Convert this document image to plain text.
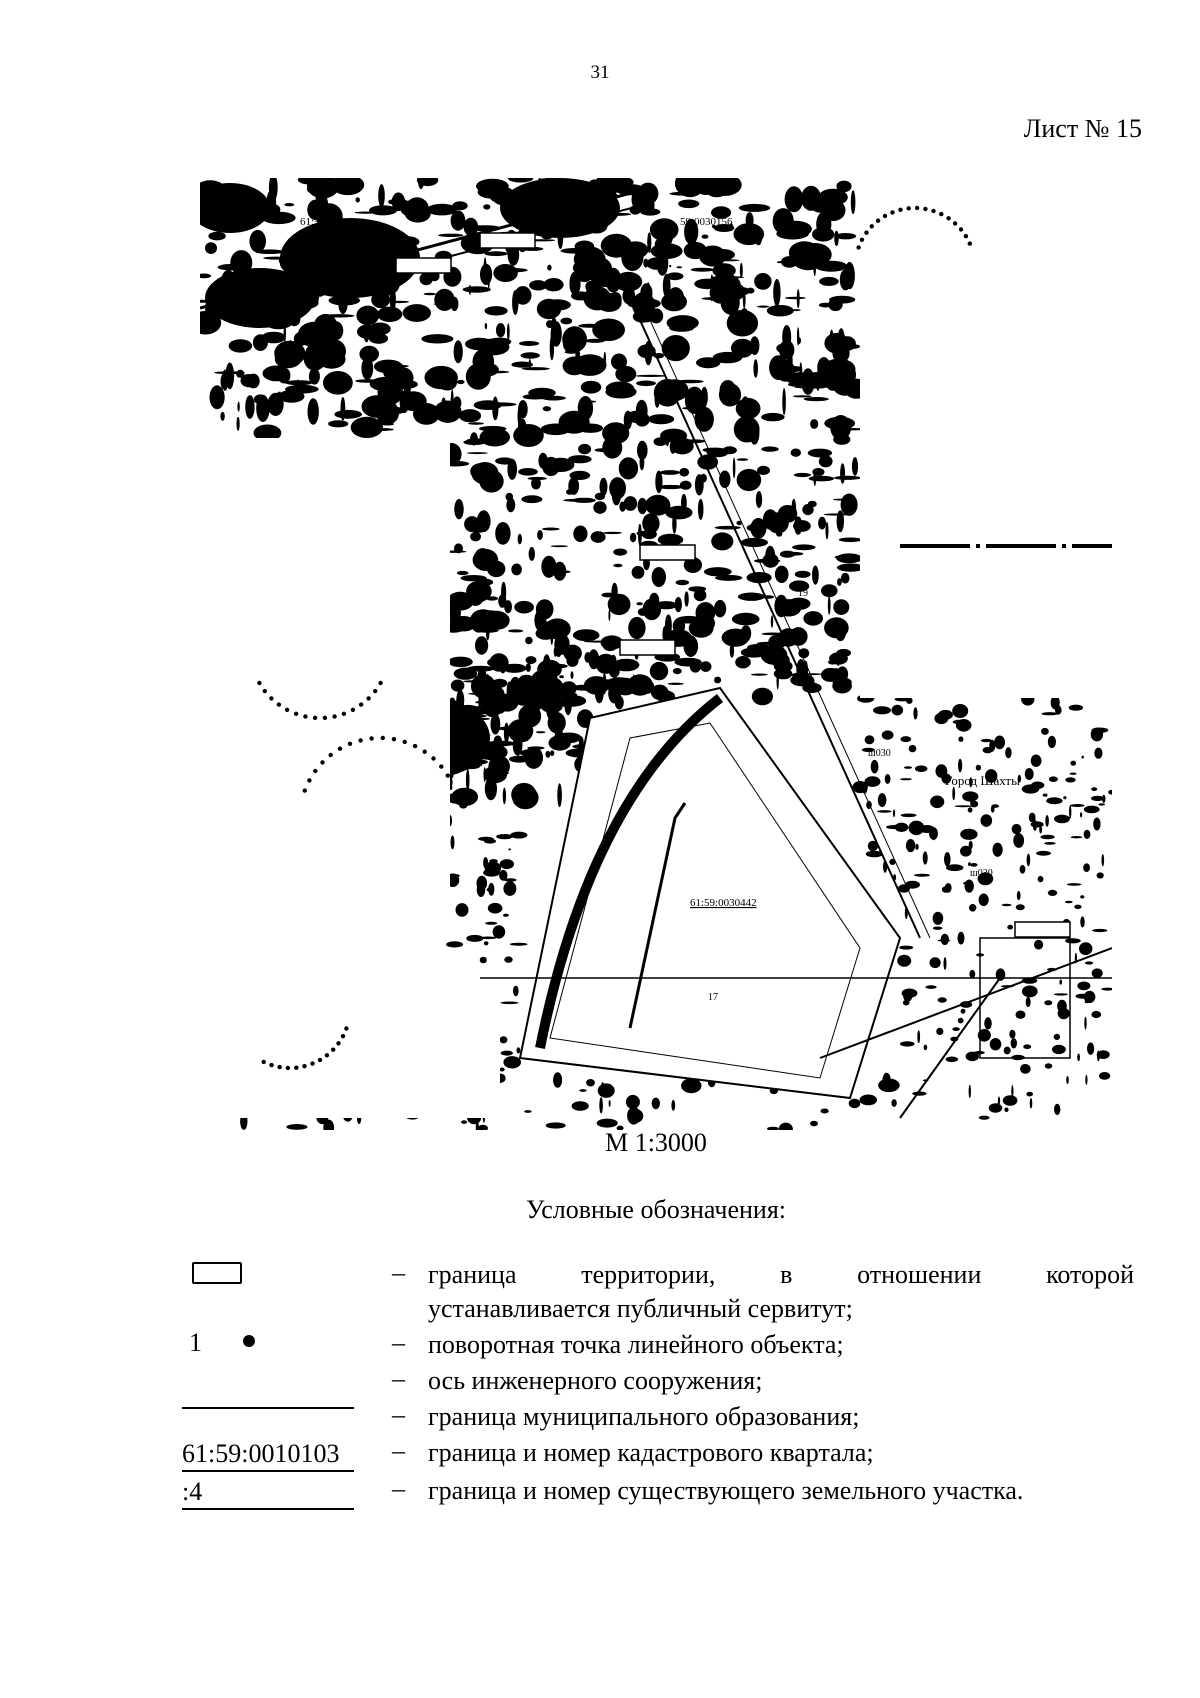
31
Лист № 15
61:59:00	59:0030156
Город Шахты
61:59:0030442
ш030
ш030
17
19
М 1:3000
Условные обозначения:
– граница территории, в отношении которой
устанавливается публичный сервитут;
1	– поворотная точка линейного объекта;
– ось инженерного сооружения;
– граница муниципального образования;
61:59:0010103	– граница и номер кадастрового квартала;
:4	– граница и номер существующего земельного участка.
